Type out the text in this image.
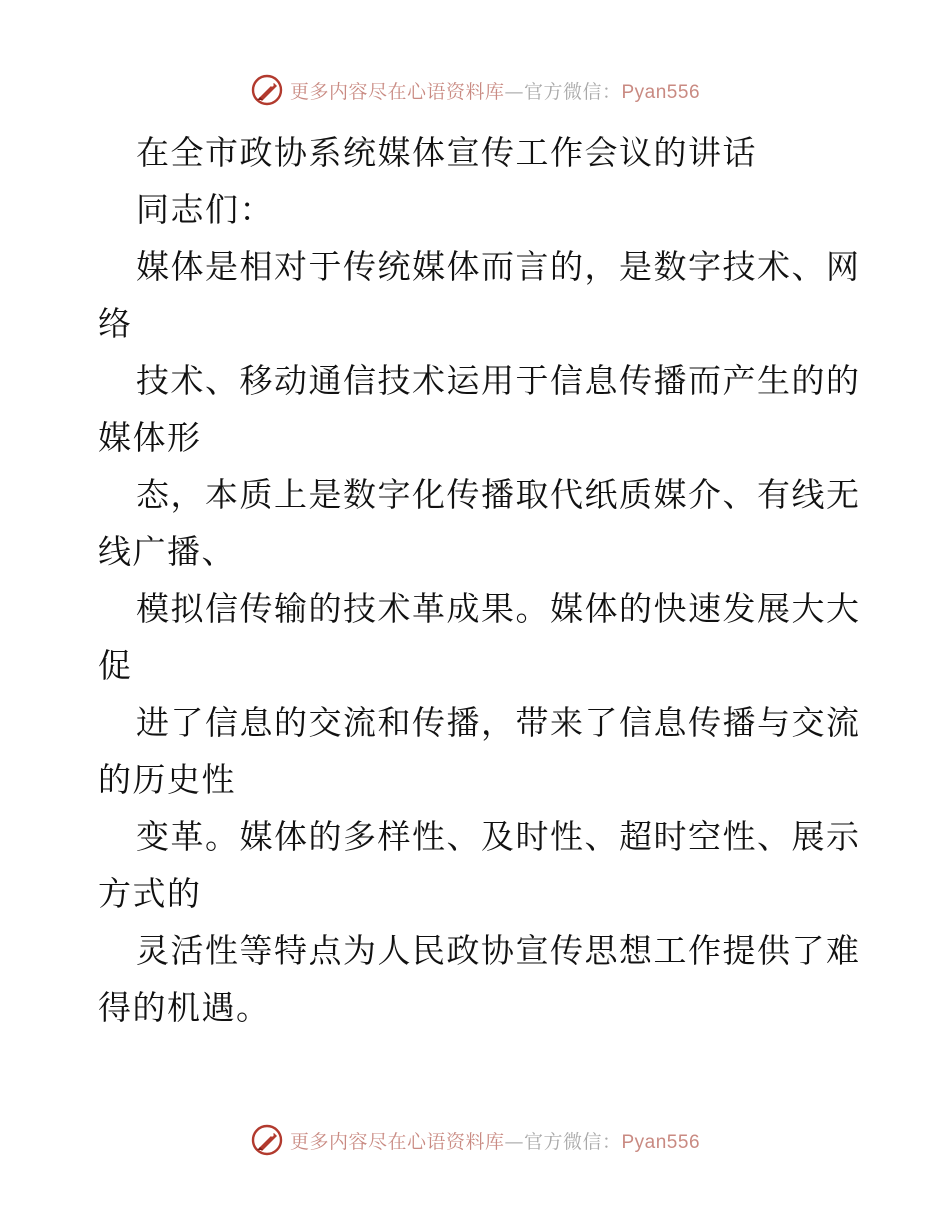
更多内容尽在心语资料库—官方微信：Pyan556
在全市政协系统媒体宣传工作会议的讲话
同志们：
媒体是相对于传统媒体而言的，是数字技术、网
络
技术、移动通信技术运用于信息传播而产生的的
媒体形
态，本质上是数字化传播取代纸质媒介、有线无
线广播、
模拟信传输的技术革成果。媒体的快速发展大大
促
进了信息的交流和传播，带来了信息传播与交流
的历史性
变革。媒体的多样性、及时性、超时空性、展示
方式的
灵活性等特点为人民政协宣传思想工作提供了难
得的机遇。
更多内容尽在心语资料库—官方微信：Pyan556
